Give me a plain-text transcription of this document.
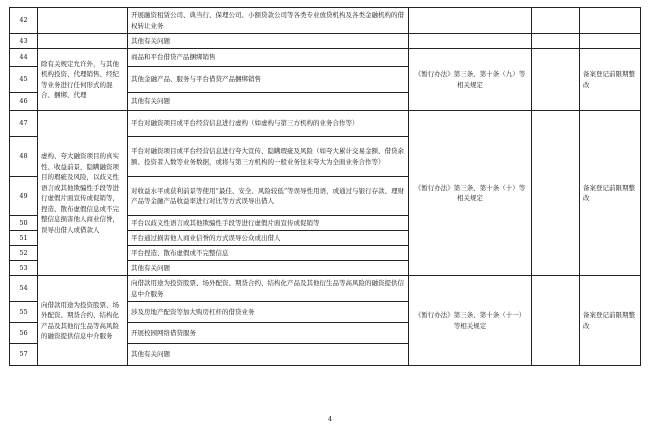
42		开展融资租赁公司、典当行、保理公司、小额贷款公司等各类专业放贷机构及各类金融机构的借权转让业务			
43		其他有关问题			
44	除有关规定允许外，与其他机构投资、代理销售、经纪等业务进行任何形式的混合、捆绑、代理	商品和平台借贷产品捆绑销售	《暂行办法》第三条、第十条（九）等相关规定		备案登记前限期整改
45		其他金融产品、服务与平台借贷产品捆绑销售			
46		其他有关问题			
47	虚构、夸大融资项目的真实性、收益前景，隐瞒融资项目的瑕疵及风险，以歧义性语言或其他欺骗性手段等进行虚假片面宣传或促销等，捏造、散布虚假信息或不完整信息损害他人商业信誉，误导出借人或借款人	平台对融资项目或平台经营信息进行虚构（如虚构与第三方机构的业务合作等）	《暂行办法》第三条、第十条（十）等相关规定		备案登记前限期整改
48		平台对融资项目或平台经营信息进行夸大宣传、隐瞒瑕疵及风险（如夸大累计交易金额、借贷余额、投资者人数等业务数据，或将与第三方机构的一般业务往来夸大为全面业务合作等）			
49		对收益水平或获利前景等使用“最佳、安全、风险较低”等误导性用语，或通过与银行存款、理财产品等金融产品收益率进行对比等方式误导出借人			
50		平台以歧义性语言或其他欺骗性手段等进行虚假片面宣传或促销等			
51		平台通过损害他人商业信誉的方式误导公众或出借人			
52		平台捏造、散布虚假或不完整信息			
53		其他有关问题			
54	向借款用途为投资股票、场外配资、期货合约、结构化产品及其他衍生品等高风险的融资提供信息中介服务	向借款用途为投资股票、场外配资、期货合约、结构化产品及其他衍生品等高风险的融资提供信息中介服务	《暂行办法》第三条、第十条（十一）等相关规定		备案登记前限期整改
55		涉及房地产配资等加大购房杠杆的借贷业务			
56		开展校园网络借贷服务			
57		其他有关问题			
4
